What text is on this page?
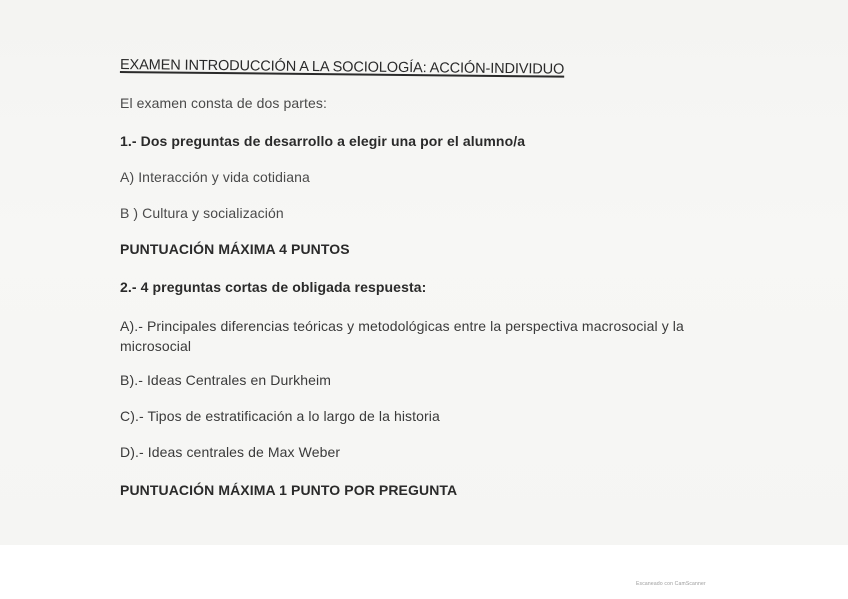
EXAMEN INTRODUCCIÓN A LA SOCIOLOGÍA: ACCIÓN-INDIVIDUO
El examen consta de dos partes:
1.- Dos preguntas de desarrollo a elegir una por el alumno/a
A) Interacción y vida cotidiana
B ) Cultura y socialización
PUNTUACIÓN MÁXIMA 4 PUNTOS
2.- 4 preguntas cortas de obligada respuesta:
A).- Principales diferencias teóricas y metodológicas entre la perspectiva macrosocial y la microsocial
B).- Ideas Centrales en Durkheim
C).- Tipos de estratificación a lo largo de la historia
D).- Ideas centrales de Max Weber
PUNTUACIÓN MÁXIMA 1 PUNTO POR PREGUNTA
Escaneado con CamScanner
